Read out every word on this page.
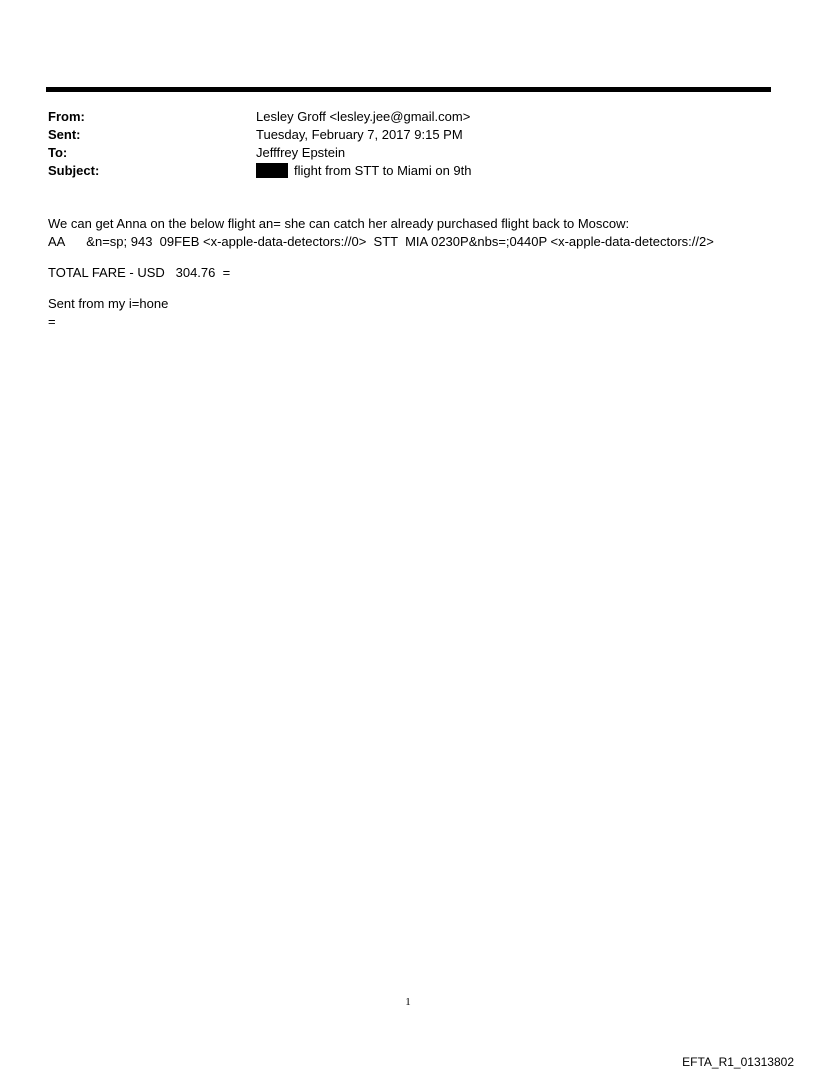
From:	Lesley Groff <lesley.jee@gmail.com>
Sent:	Tuesday, February 7, 2017 9:15 PM
To:	Jefffrey Epstein
Subject:	flight from STT to Miami on 9th
We can get Anna on the below flight an= she can catch her already purchased flight back to Moscow:
AA      &n=sp; 943  09FEB <x-apple-data-detectors://0>  STT  MIA 0230P&nbs=;0440P <x-apple-data-detectors://2>
TOTAL FARE - USD   304.76  =
Sent from my i=hone
=
1
EFTA_R1_01313802
